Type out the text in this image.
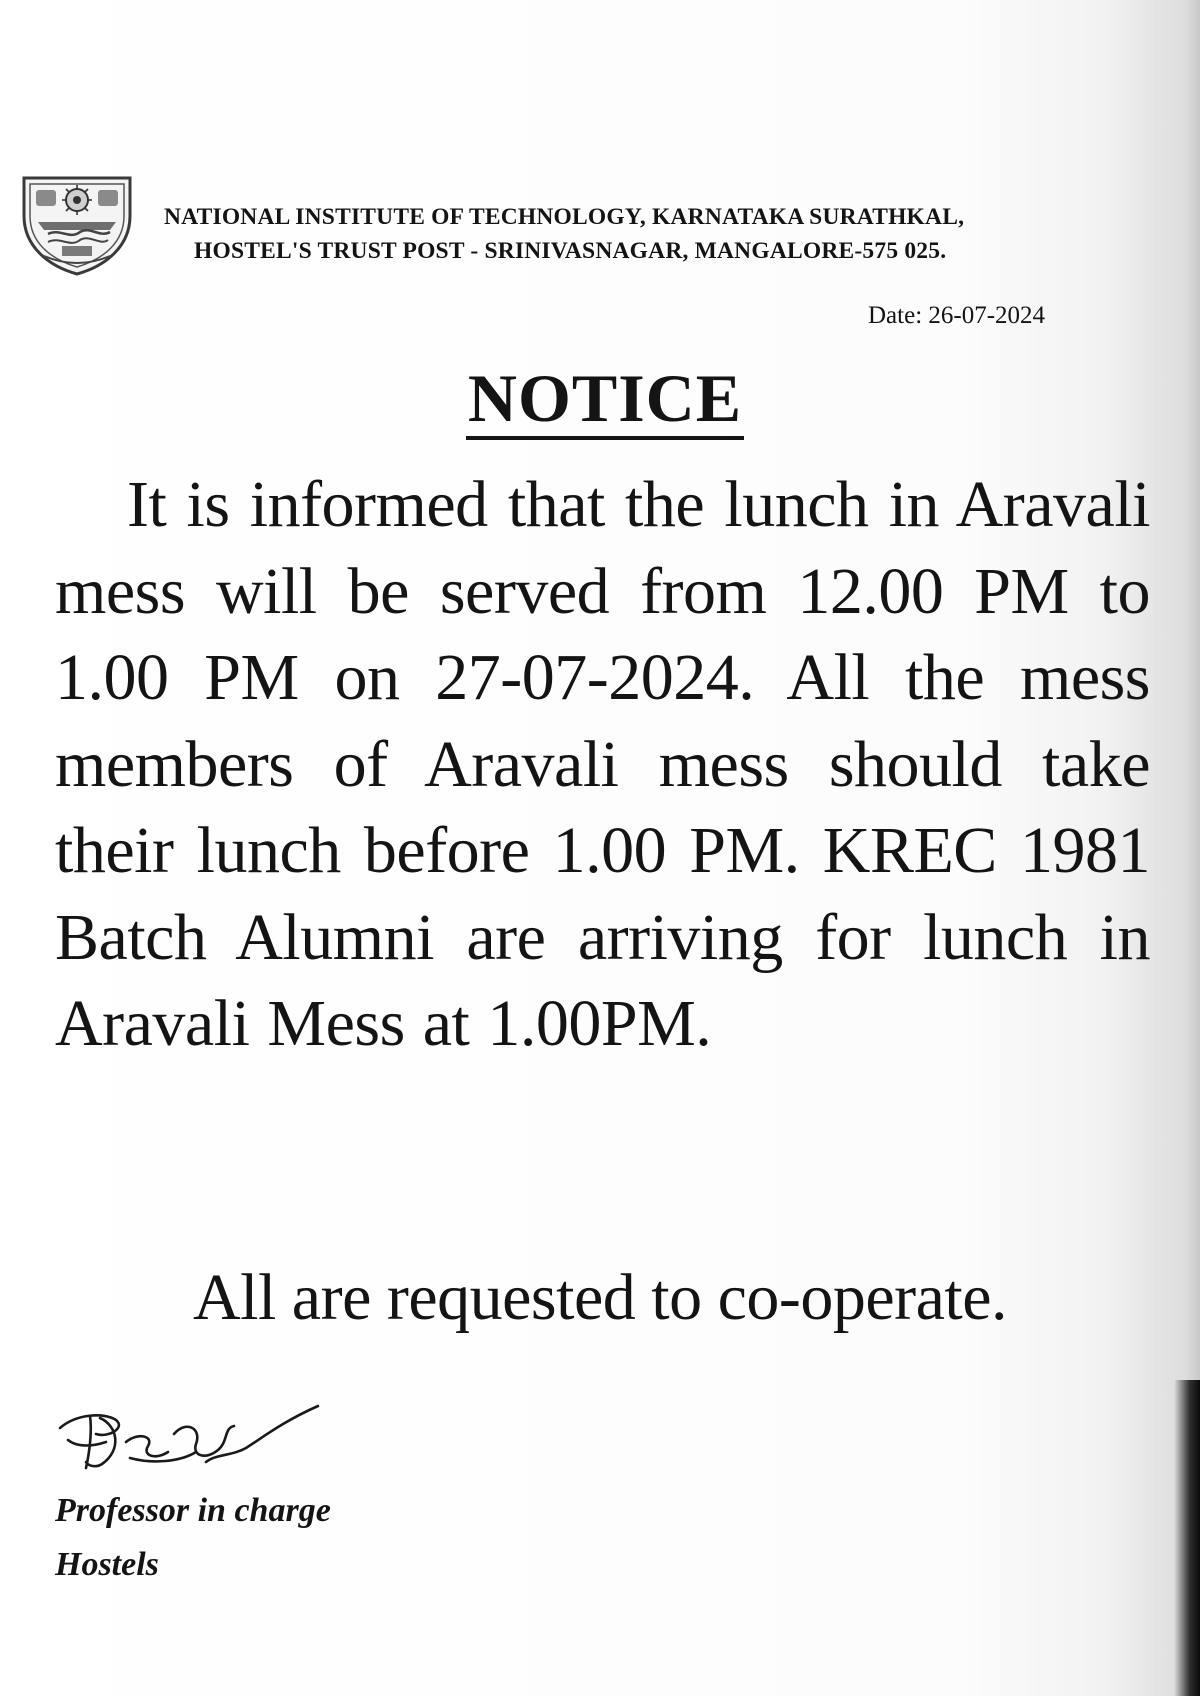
NATIONAL INSTITUTE OF TECHNOLOGY, KARNATAKA SURATHKAL,
HOSTEL'S TRUST POST - SRINIVASNAGAR, MANGALORE-575 025.
Date: 26-07-2024
NOTICE
It is informed that the lunch in Aravali mess will be served from 12.00 PM to 1.00 PM on 27-07-2024. All the mess members of Aravali mess should take their lunch before 1.00 PM. KREC 1981 Batch Alumni are arriving for lunch in Aravali Mess at 1.00PM.
All are requested to co-operate.
Professor in charge
Hostels
